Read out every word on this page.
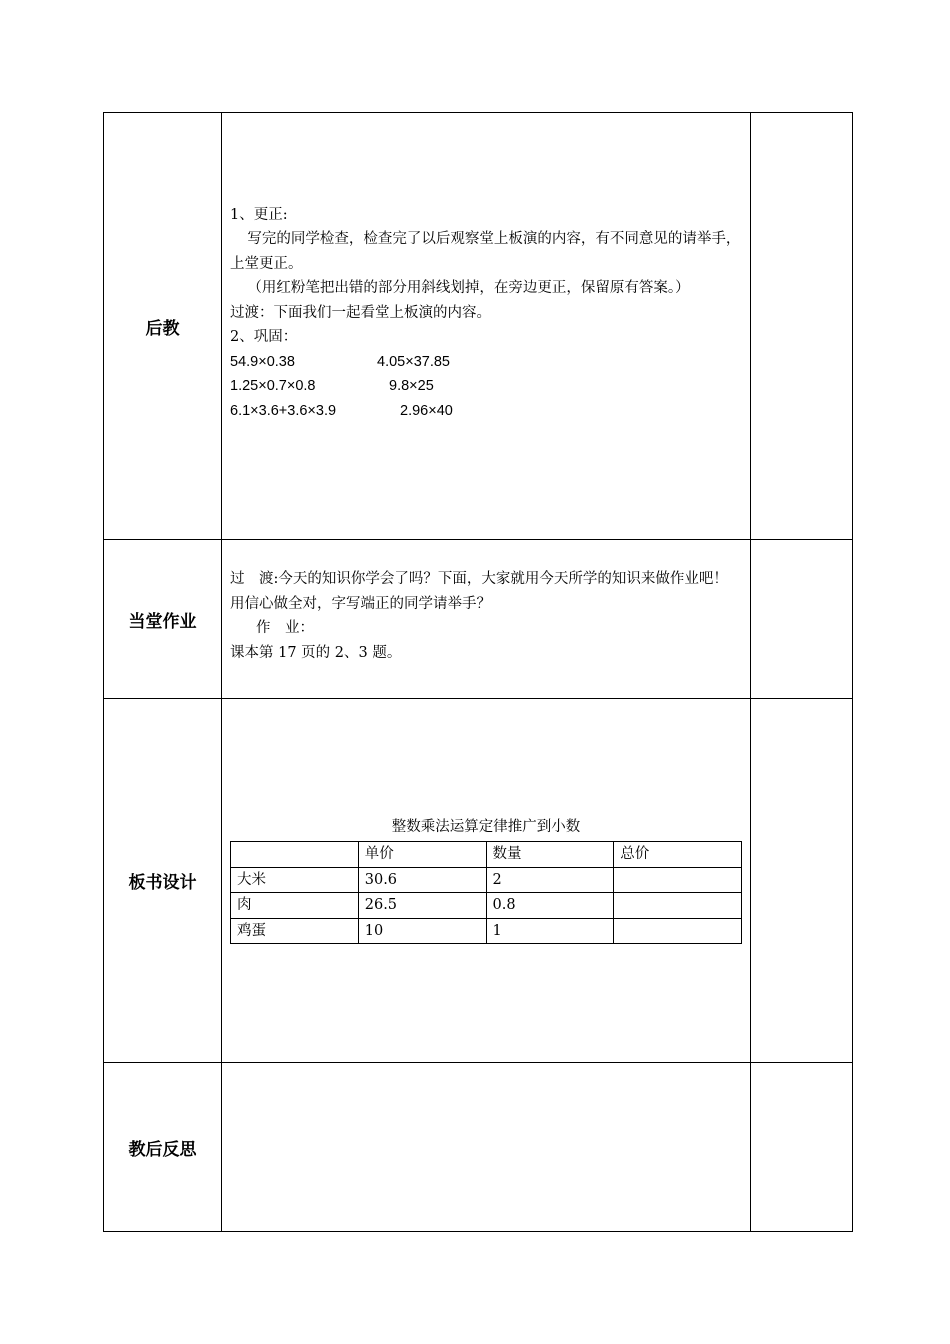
后教	

1、更正:

写完的同学检查，检查完了以后观察堂上板演的内容，有不同意见的请举手，上堂更正。

（用红粉笔把出错的部分用斜线划掉，在旁边更正，保留原有答案。）

过渡：下面我们一起看堂上板演的内容。

2、巩固：

54.9×0.38	4.05×37.85
1.25×0.7×0.8	9.8×25
6.1×3.6+3.6×3.9	2.96×40

当堂作业	

过　渡:今天的知识你学会了吗？下面，大家就用今天所学的知识来做作业吧！用信心做全对，字写端正的同学请举手？

作　业：

课本第 17 页的 2、3 题。

板书设计	
整数乘法运算定律推广到小数
	单价	数量	总价
大米	30.6	2	
肉	26.5	0.8	
鸡蛋	10	1	

教后反思		
